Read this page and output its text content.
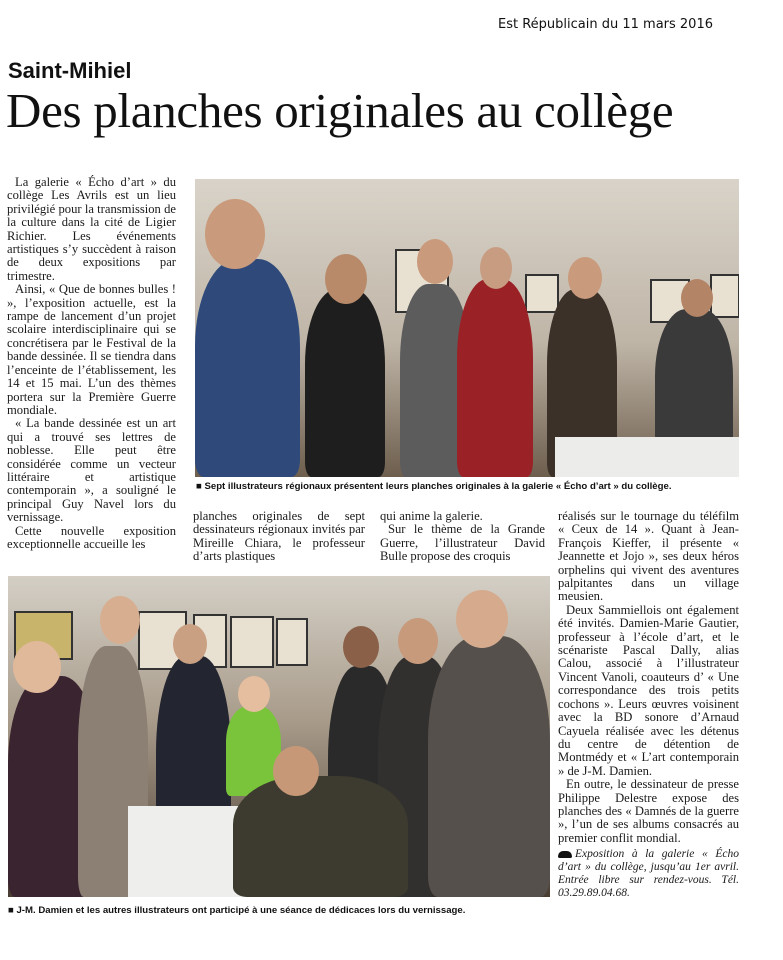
Est Républicain du 11 mars 2016
Saint-Mihiel
Des planches originales au collège

La galerie « Écho d’art » du collège Les Avrils est un lieu privilégié pour la transmission de la culture dans la cité de Ligier Richier. Les événements artistiques s’y succèdent à raison de deux expositions par trimestre.

Ainsi, « Que de bonnes bulles ! », l’exposition actuelle, est la rampe de lancement d’un projet scolaire interdisciplinaire qui se concrétisera par le Festival de la bande dessinée. Il se tiendra dans l’enceinte de l’établissement, les 14 et 15 mai. L’un des thèmes portera sur la Première Guerre mondiale.

« La bande dessinée est un art qui a trouvé ses lettres de noblesse. Elle peut être considérée comme un vecteur littéraire et artistique contemporain », a souligné le principal Guy Navel lors du vernissage.

Cette nouvelle exposition exceptionnelle accueille les

■ Sept illustrateurs régionaux présentent leurs planches originales à la galerie « Écho d’art » du collège.

planches originales de sept dessinateurs régionaux invités par Mireille Chiara, le professeur d’arts plastiques

qui anime la galerie.

Sur le thème de la Grande Guerre, l’illustrateur David Bulle propose des croquis

réalisés sur le tournage du téléfilm « Ceux de 14 ». Quant à Jean-François Kieffer, il présente « Jeannette et Jojo », ses deux héros orphelins qui vivent des aventures palpitantes dans un village meusien.

Deux Sammiellois ont également été invités. Damien-Marie Gautier, professeur à l’école d’art, et le scénariste Pascal Dally, alias Calou, associé à l’illustrateur Vincent Vanoli, coauteurs d’ « Une correspondance des trois petits cochons ». Leurs œuvres voisinent avec la BD sonore d’Arnaud Cayuela réalisée avec les détenus du centre de détention de Montmédy et « L’art contemporain » de J-M. Damien.

En outre, le dessinateur de presse Philippe Delestre expose des planches des « Damnés de la guerre », l’un de ses albums consacrés au premier conflit mondial.

Exposition à la galerie « Écho d’art » du collège, jusqu’au 1er avril. Entrée libre sur rendez-vous. Tél. 03.29.89.04.68.
■ J-M. Damien et les autres illustrateurs ont participé à une séance de dédicaces lors du vernissage.
